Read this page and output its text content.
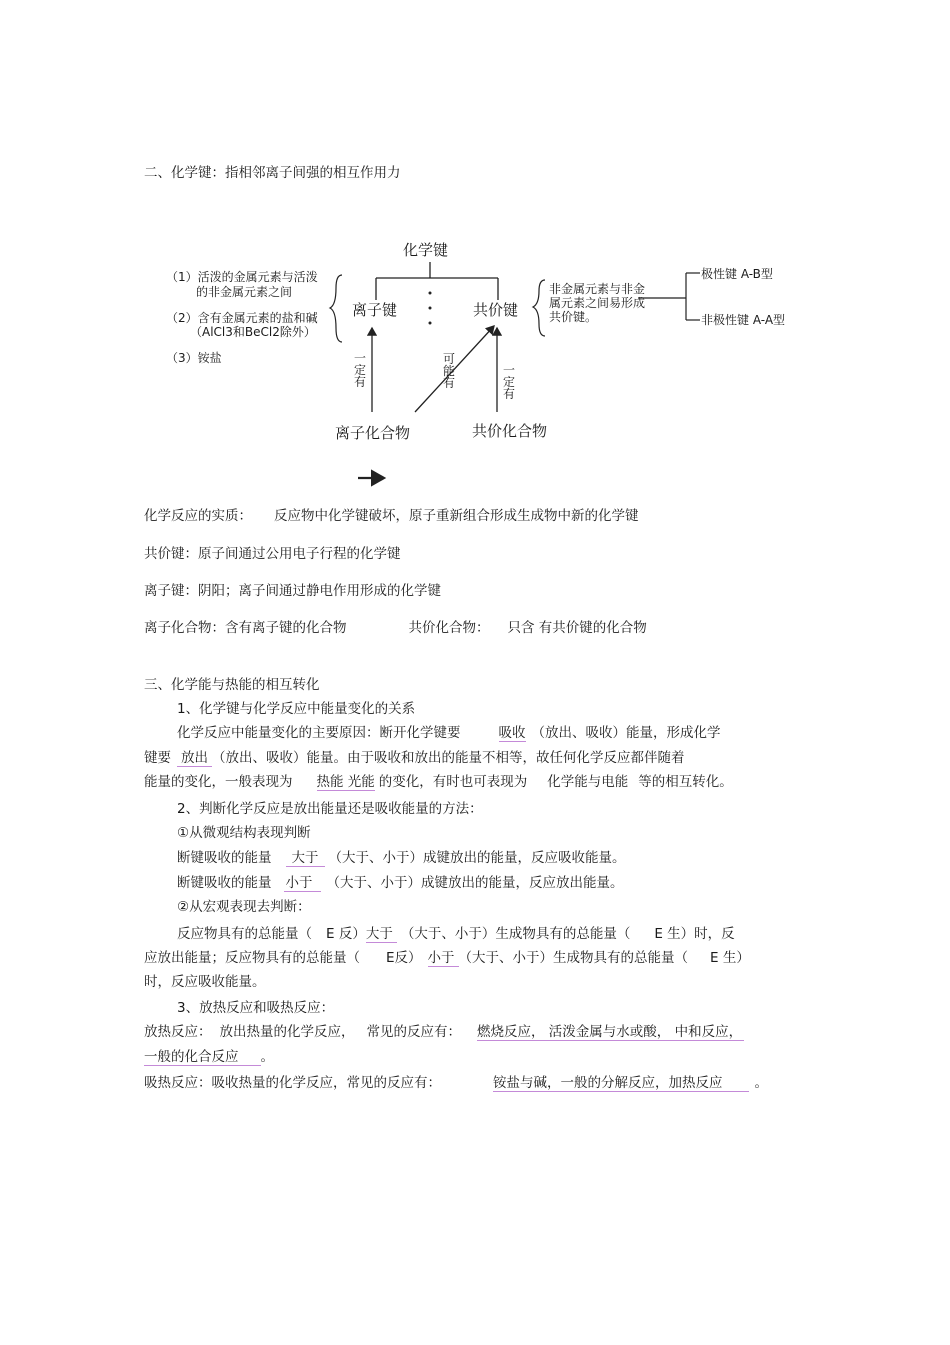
二、化学键：指相邻离子间强的相互作用力
化学键
离子键	共价键
（1）活泼的金属元素与活泼
的非金属元素之间
（2）含有金属元素的盐和碱
（AlCl3和BeCl2除外）
（3）铵盐
非金属元素与非金
属元素之间易形成
共价键。
极性键 A-B型
非极性键 A-A型
一定有
可能有
一定有
离子化合物	共价化合物
化学反应的实质： 反应物中化学键破坏，原子重新组合形成生成物中新的化学键
共价键：原子间通过公用电子行程的化学键
离子键：阴阳；离子间通过静电作用形成的化学键
离子化合物：含有离子键的化合物	共价化合物： 只含 有共价键的化合物
三、化学能与热能的相互转化
1、化学键与化学反应中能量变化的关系
化学反应中能量变化的主要原因：断开化学键要	吸收 （放出、吸收）能量，形成化学
键要 放出 （放出、吸收）能量。由于吸收和放出的能量不相等，故任何化学反应都伴随着
能量的变化，一般表现为 热能 光能 的变化，有时也可表现为 化学能与电能 等的相互转化。
2、判断化学反应是放出能量还是吸收能量的方法：
①从微观结构表现判断
断键吸收的能量 大于 （大于、小于）成键放出的能量，反应吸收能量。
断键吸收的能量 小于 （大于、小于）成键放出的能量，反应放出能量。
②从宏观表现去判断：
反应物具有的总能量（ E 反）大于 （大于、小于）生成物具有的总能量（ E 生）时，反
应放出能量；反应物具有的总能量（ E反） 小于 （大于、小于）生成物具有的总能量（ E 生）
时，反应吸收能量。
3、放热反应和吸热反应：
放热反应： 放出热量的化学反应， 常见的反应有： 燃烧反应， 活泼金属与水或酸， 中和反应，
一般的化合反应 。
吸热反应：吸收热量的化学反应，常见的反应有：	铵盐与碱，一般的分解反应，加热反应 。
